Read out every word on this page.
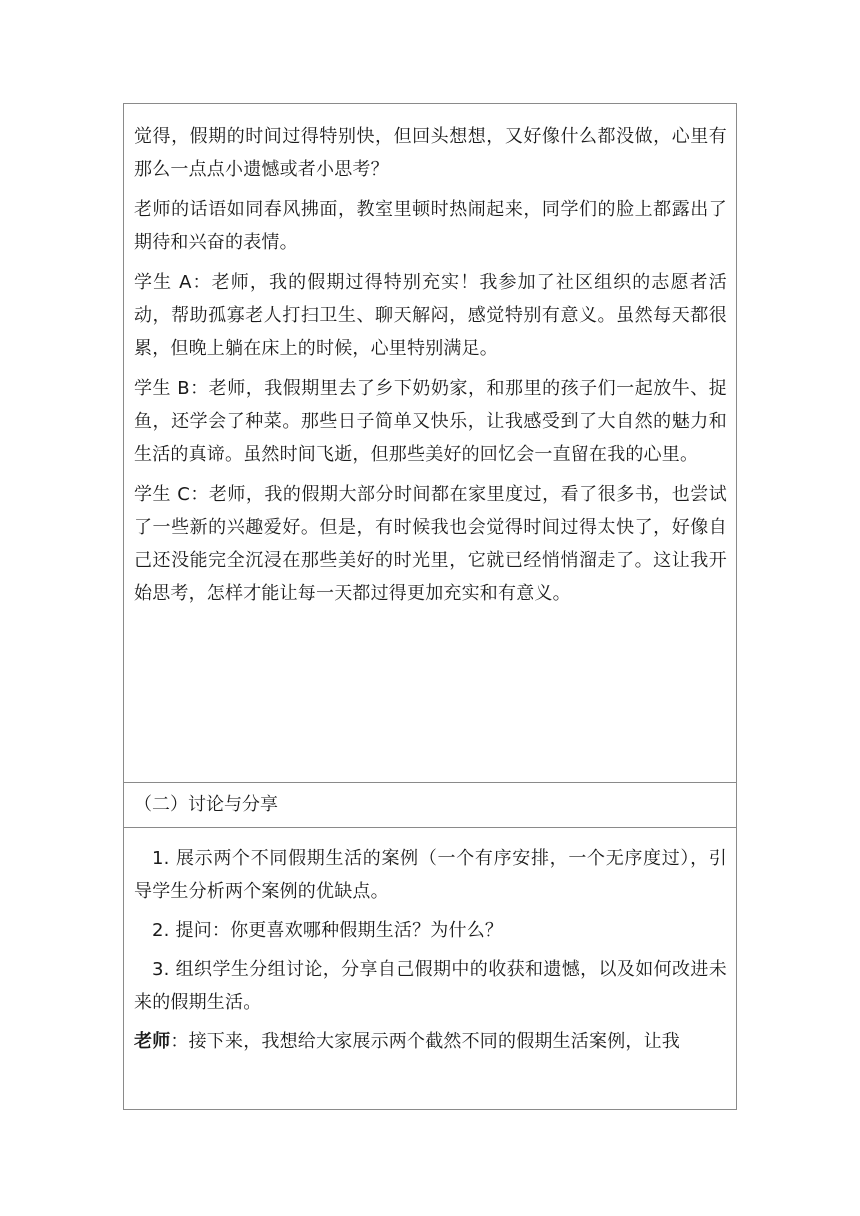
觉得，假期的时间过得特别快，但回头想想，又好像什么都没做，心里有那么一点点小遗憾或者小思考？

老师的话语如同春风拂面，教室里顿时热闹起来，同学们的脸上都露出了期待和兴奋的表情。

学生 A：老师，我的假期过得特别充实！我参加了社区组织的志愿者活动，帮助孤寡老人打扫卫生、聊天解闷，感觉特别有意义。虽然每天都很累，但晚上躺在床上的时候，心里特别满足。

学生 B：老师，我假期里去了乡下奶奶家，和那里的孩子们一起放牛、捉鱼，还学会了种菜。那些日子简单又快乐，让我感受到了大自然的魅力和生活的真谛。虽然时间飞逝，但那些美好的回忆会一直留在我的心里。

学生 C：老师，我的假期大部分时间都在家里度过，看了很多书，也尝试了一些新的兴趣爱好。但是，有时候我也会觉得时间过得太快了，好像自己还没能完全沉浸在那些美好的时光里，它就已经悄悄溜走了。这让我开始思考，怎样才能让每一天都过得更加充实和有意义。

（二）讨论与分享

1. 展示两个不同假期生活的案例（一个有序安排，一个无序度过），引导学生分析两个案例的优缺点。

2. 提问：你更喜欢哪种假期生活？为什么？

3. 组织学生分组讨论，分享自己假期中的收获和遗憾，以及如何改进未来的假期生活。

老师：接下来，我想给大家展示两个截然不同的假期生活案例，让我
